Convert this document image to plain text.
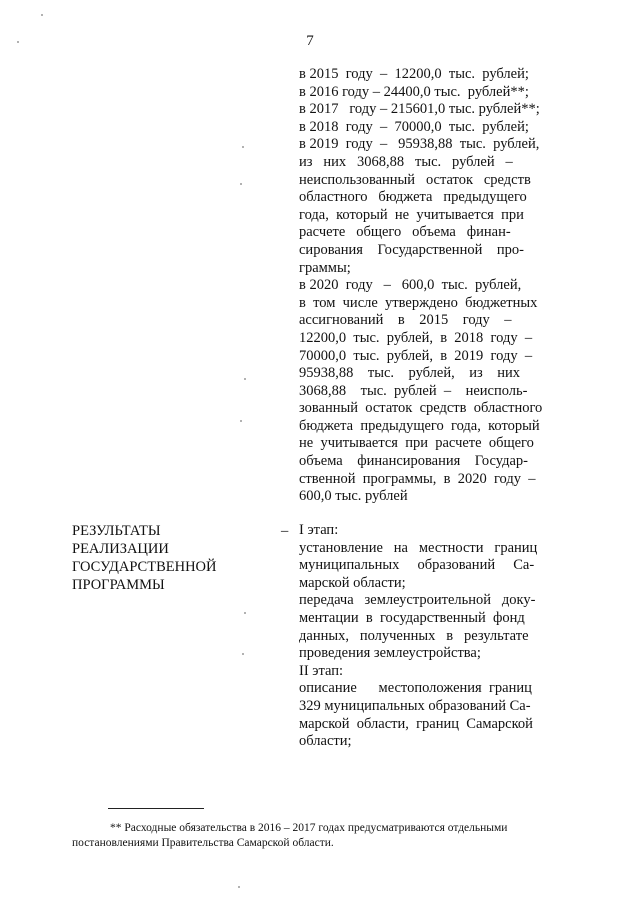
7
в 2015  году  –  12200,0  тыс.  рублей;
в 2016 году – 24400,0 тыс.  рублей**;
в 2017   году – 215601,0 тыс. рублей**;
в 2018  году  –  70000,0  тыс.  рублей;
в 2019  году  –   95938,88  тыс.  рублей,
из   них   3068,88   тыс.   рублей   –
неиспользованный   остаток   средств
областного   бюджета   предыдущего
года,  который  не  учитывается  при
расчете   общего   объема   финан-
сирования    Государственной    про-
граммы;
в 2020  году   –   600,0  тыс.  рублей,
в  том  числе  утверждено  бюджетных
ассигнований    в    2015    году    –
12200,0  тыс.  рублей,  в  2018  году  –
70000,0  тыс.  рублей,  в  2019  году  –
95938,88    тыс.    рублей,    из    них
3068,88    тыс.  рублей  –    неисполь-
зованный  остаток  средств  областного
бюджета  предыдущего  года,  который
не  учитывается  при  расчете  общего
объема    финансирования    Государ-
ственной  программы,  в  2020  году  –
600,0 тыс. рублей
РЕЗУЛЬТАТЫ
РЕАЛИЗАЦИИ
ГОСУДАРСТВЕННОЙ
ПРОГРАММЫ
– I этап:
установление   на   местности   границ
муниципальных     образований     Са-
марской области;
передача   землеустроительной   доку-
ментации  в  государственный  фонд
данных,   полученных   в   результате
проведения землеустройства;
II этап:
описание      местоположения  границ
329 муниципальных образований Са-
марской  области,  границ  Самарской
области;
** Расходные обязательства в 2016 – 2017 годах предусматриваются отдельными
постановлениями Правительства Самарской области.
